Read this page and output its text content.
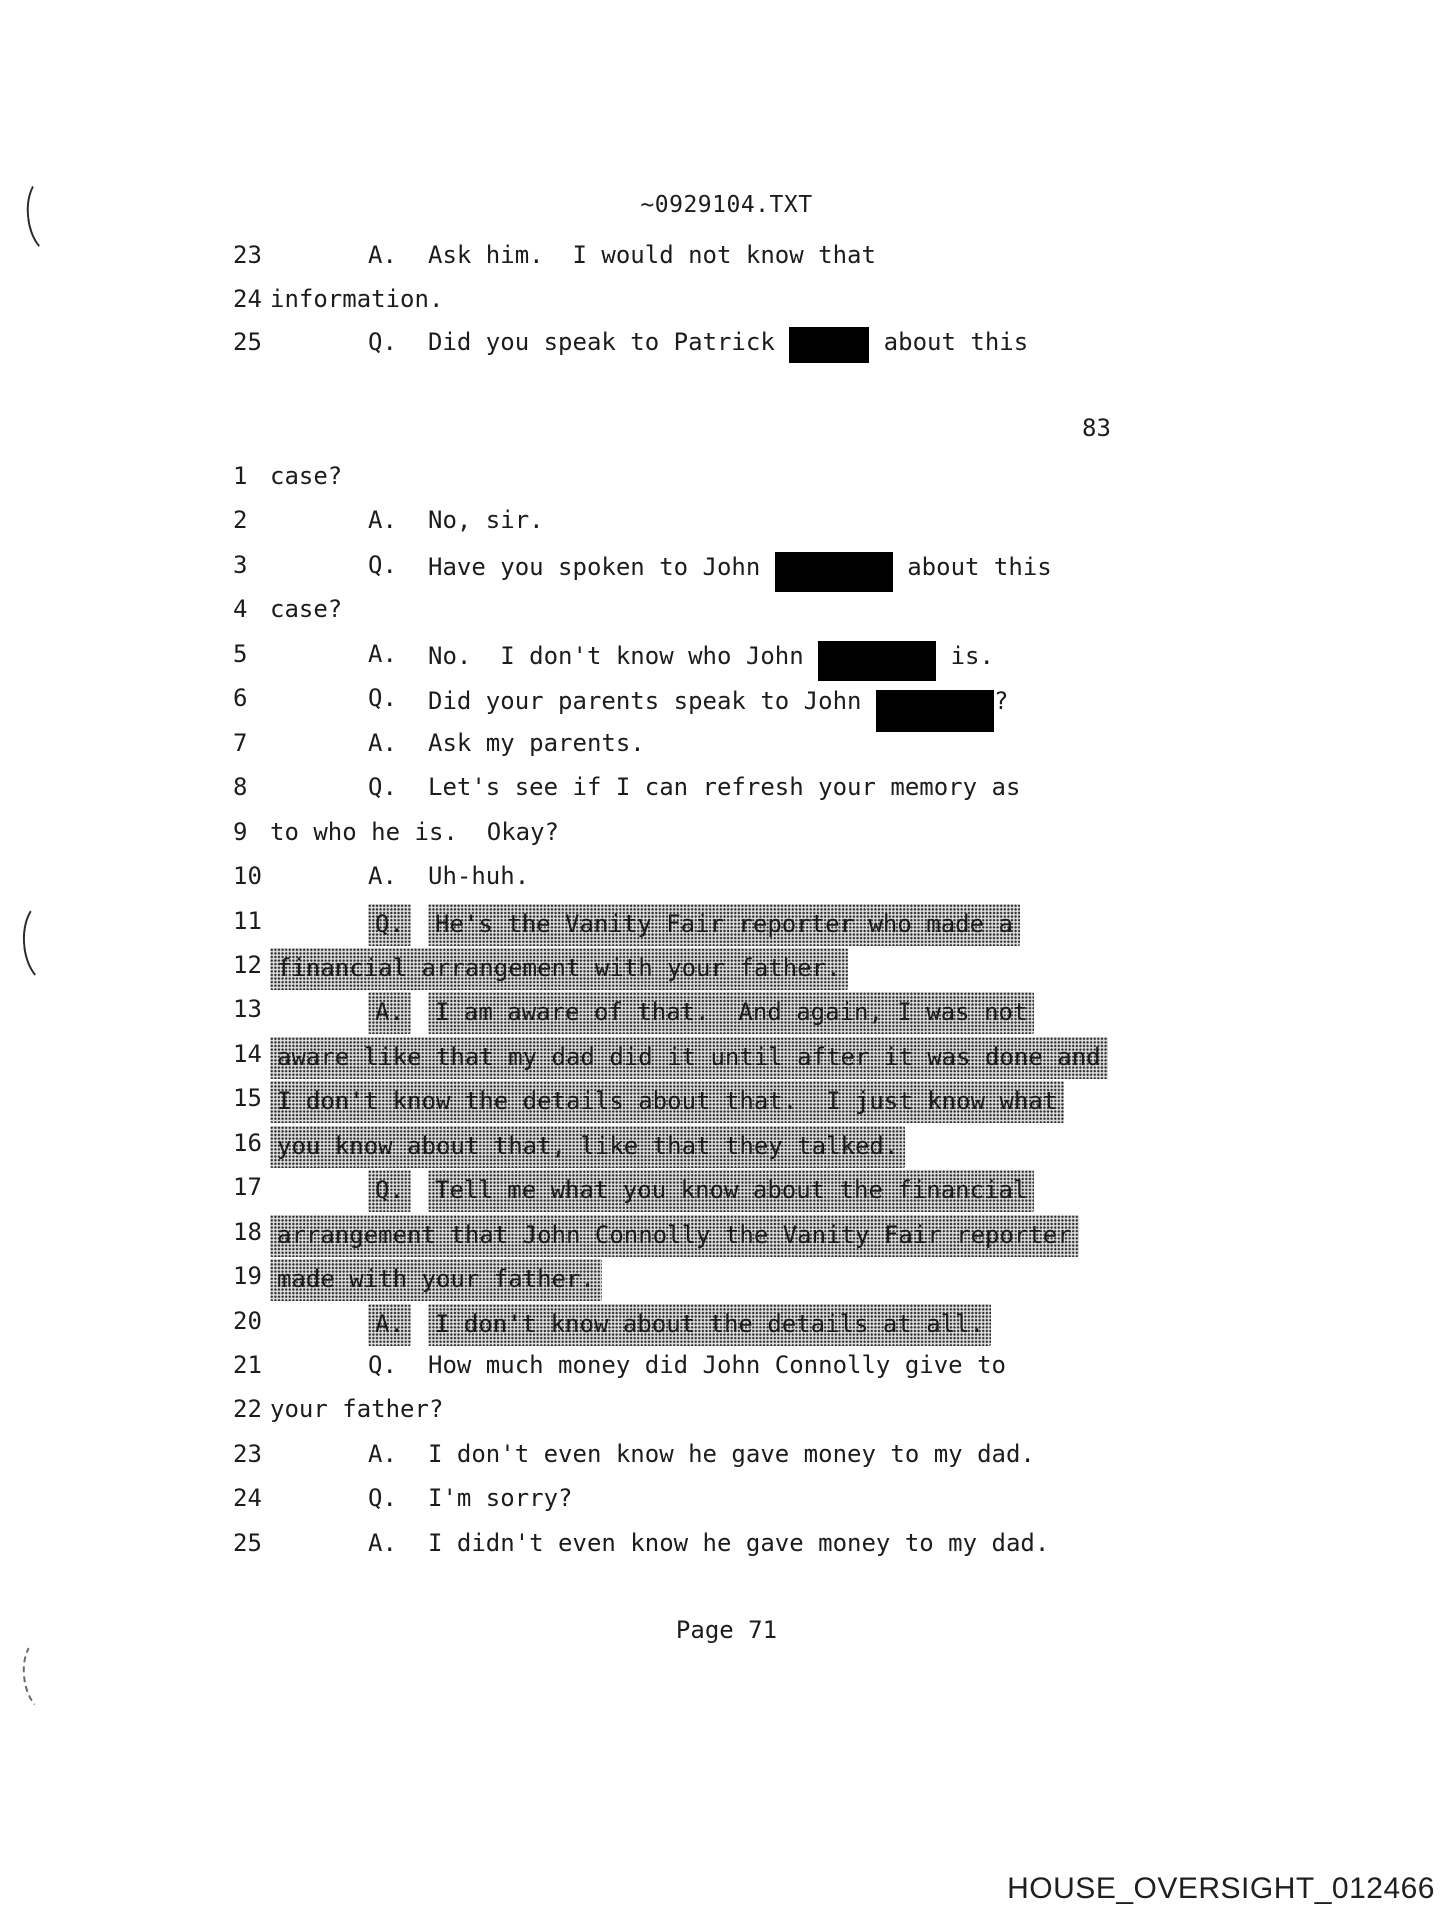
~0929104.TXT
83
23	A. Ask him.  I would not know that
24 information.
25	Q. Did you speak to Patrick	about this
1 case?
2	A. No, sir.
3	Q. Have you spoken to John	about this
4 case?
5	A. No.  I don't know who John	is.
6	Q. Did your parents speak to John	?
7	A. Ask my parents.
8	Q. Let's see if I can refresh your memory as
9 to who he is.  Okay?
10	A. Uh-huh.
11	Q. He's the Vanity Fair reporter who made a
12 financial arrangement with your father.
13	A. I am aware of that.  And again, I was not
14 aware like that my dad did it until after it was done and
15 I don't know the details about that.  I just know what
16 you know about that, like that they talked.
17	Q. Tell me what you know about the financial
18 arrangement that John Connolly the Vanity Fair reporter
19 made with your father.
20	A. I don't know about the details at all.
21	Q. How much money did John Connolly give to
22 your father?
23	A. I don't even know he gave money to my dad.
24	Q. I'm sorry?
25	A. I didn't even know he gave money to my dad.
Page 71
HOUSE_OVERSIGHT_012466
